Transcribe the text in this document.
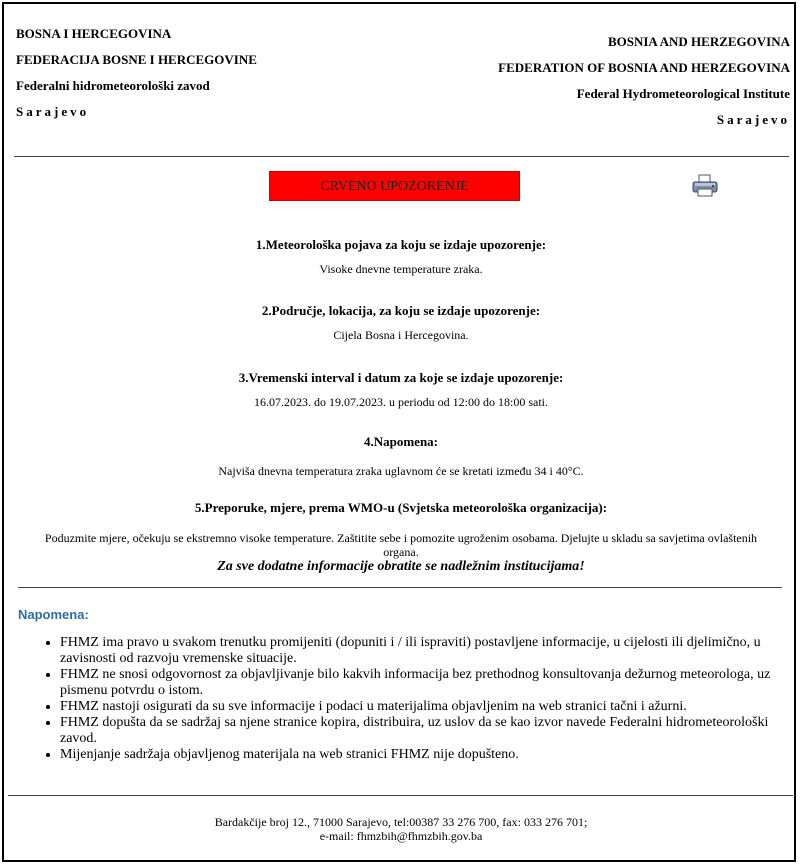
BOSNA I HERCEGOVINA
FEDERACIJA BOSNE I HERCEGOVINE
Federalni hidrometeorološki zavod
Sarajevo
BOSNIA AND HERZEGOVINA
FEDERATION OF BOSNIA AND HERZEGOVINA
Federal Hydrometeorological Institute
Sarajevo
CRVENO UPOZORENJE
1.Meteorološka pojava za koju se izdaje upozorenje:
Visoke dnevne temperature zraka.
2.Područje, lokacija, za koju se izdaje upozorenje:
Cijela Bosna i Hercegovina.
3.Vremenski interval i datum za koje se izdaje upozorenje:
16.07.2023. do 19.07.2023. u periodu od 12:00 do 18:00 sati.
4.Napomena:
Najviša dnevna temperatura zraka uglavnom će se kretati između 34 i 40°C.
5.Preporuke, mjere, prema WMO-u (Svjetska meteorološka organizacija):
Poduzmite mjere, očekuju se ekstremno visoke temperature. Zaštitite sebe i pomozite ugroženim osobama. Djelujte u skladu sa savjetima ovlaštenih organa.
Za sve dodatne informacije obratite se nadležnim institucijama!
Napomena:
• FHMZ ima pravo u svakom trenutku promijeniti (dopuniti i / ili ispraviti) postavljene informacije, u cijelosti ili djelimično, u zavisnosti od razvoju vremenske situacije.
• FHMZ ne snosi odgovornost za objavljivanje bilo kakvih informacija bez prethodnog konsultovanja dežurnog meteorologa, uz pismenu potvrdu o istom.
• FHMZ nastoji osigurati da su sve informacije i podaci u materijalima objavljenim na web stranici tačni i ažurni.
• FHMZ dopušta da se sadržaj sa njene stranice kopira, distribuira, uz uslov da se kao izvor navede Federalni hidrometeorološki zavod.
• Mijenjanje sadržaja objavljenog materijala na web stranici FHMZ nije dopušteno.
Bardakčije broj 12., 71000 Sarajevo, tel:00387 33 276 700, fax: 033 276 701;
e-mail: fhmzbih@fhmzbih.gov.ba
